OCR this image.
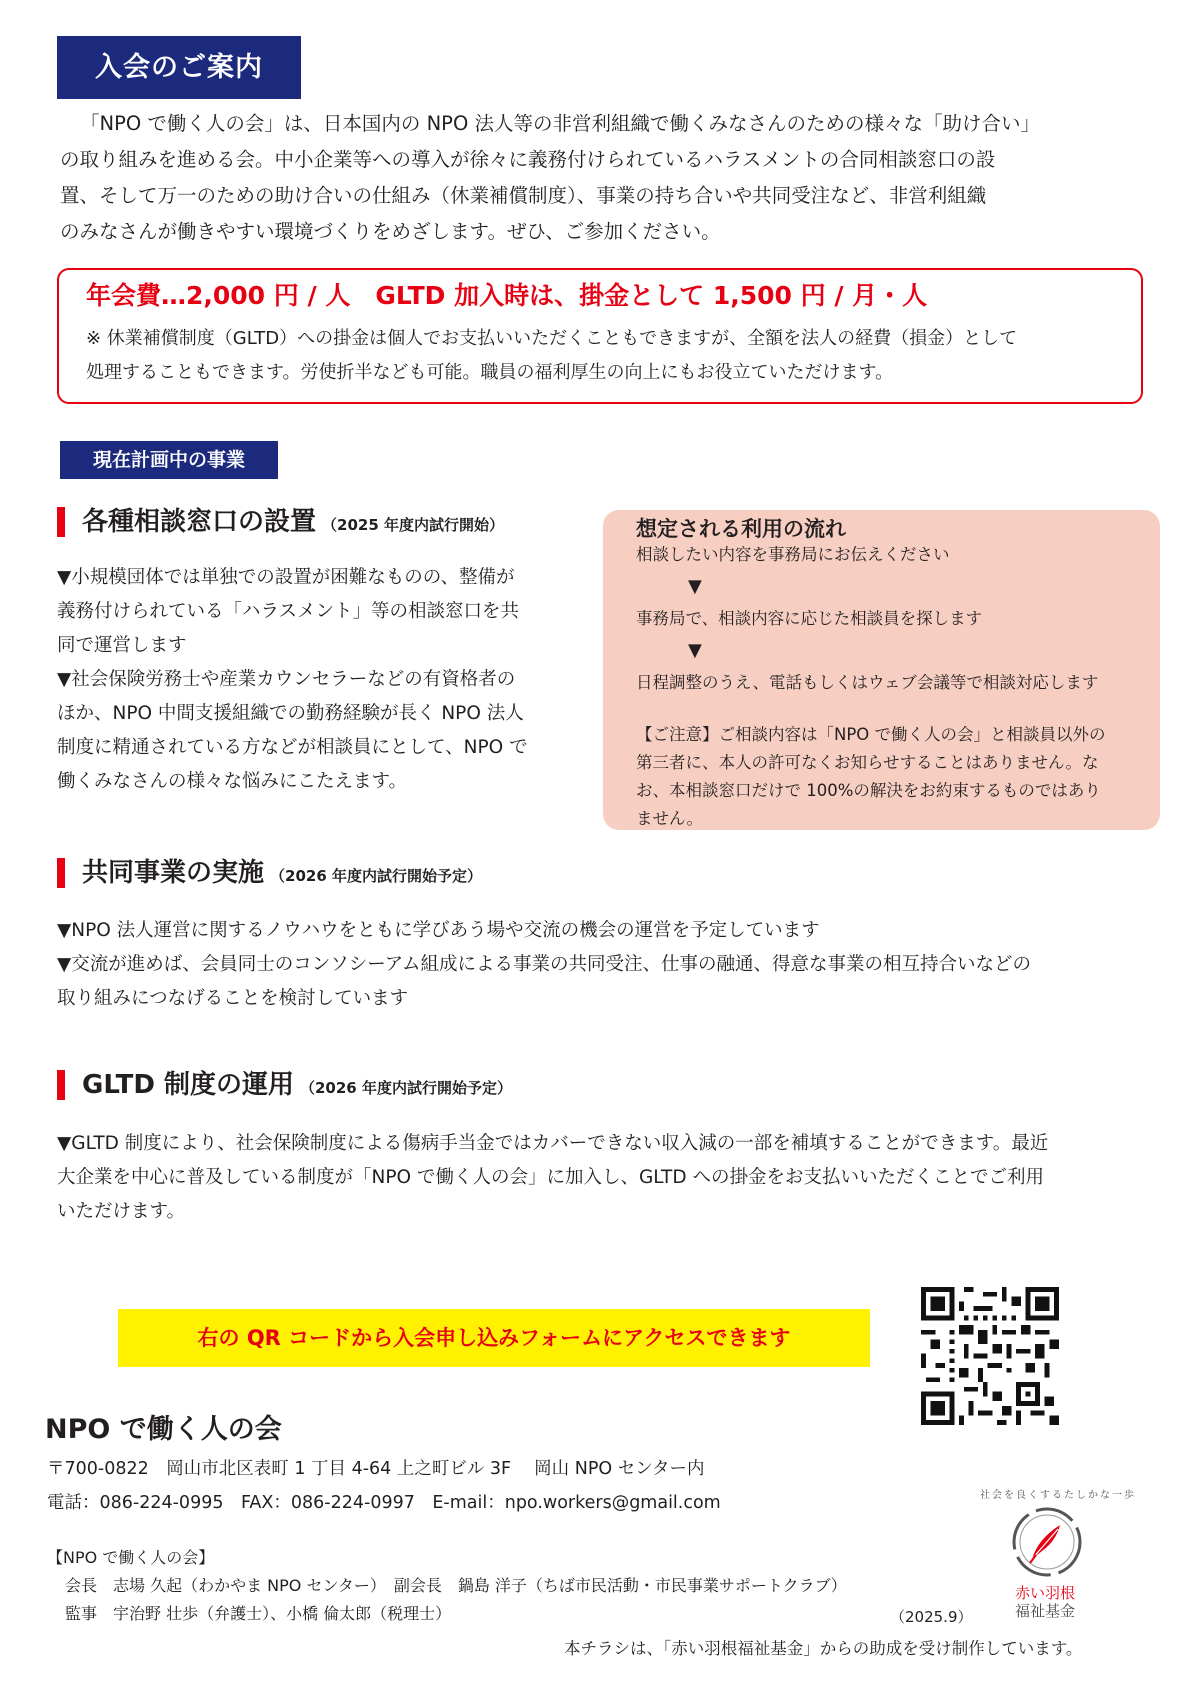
入会のご案内

「NPO で働く人の会」は、日本国内の NPO 法人等の非営利組織で働くみなさんのための様々な「助け合い」

の取り組みを進める会。中小企業等への導入が徐々に義務付けられているハラスメントの合同相談窓口の設

置、そして万一のための助け合いの仕組み（休業補償制度）、事業の持ち合いや共同受注など、非営利組織

のみなさんが働きやすい環境づくりをめざします。ぜひ、ご参加ください。

年会費…2,000 円 / 人　GLTD 加入時は、掛金として 1,500 円 / 月・人

※ 休業補償制度（GLTD）への掛金は個人でお支払いいただくこともできますが、全額を法人の経費（損金）として

処理することもできます。労使折半なども可能。職員の福利厚生の向上にもお役立ていただけます。

現在計画中の事業
各種相談窓口の設置 （2025 年度内試行開始）

▼小規模団体では単独での設置が困難なものの、整備が

義務付けられている「ハラスメント」等の相談窓口を共

同で運営します

▼社会保険労務士や産業カウンセラーなどの有資格者の

ほか、NPO 中間支援組織での勤務経験が長く NPO 法人

制度に精通されている方などが相談員にとして、NPO で

働くみなさんの様々な悩みにこたえます。

想定される利用の流れ
相談したい内容を事務局にお伝えください
▼
事務局で、相談内容に応じた相談員を探します
▼
日程調整のうえ、電話もしくはウェブ会議等で相談対応します

【ご注意】ご相談内容は「NPO で働く人の会」と相談員以外の

第三者に、本人の許可なくお知らせすることはありません。な

お、本相談窓口だけで 100%の解決をお約束するものではあり

ません。

共同事業の実施 （2026 年度内試行開始予定）

▼NPO 法人運営に関するノウハウをともに学びあう場や交流の機会の運営を予定しています

▼交流が進めば、会員同士のコンソシーアム組成による事業の共同受注、仕事の融通、得意な事業の相互持合いなどの

取り組みにつなげることを検討しています

GLTD 制度の運用 （2026 年度内試行開始予定）

▼GLTD 制度により、社会保険制度による傷病手当金ではカバーできない収入減の一部を補填することができます。最近

大企業を中心に普及している制度が「NPO で働く人の会」に加入し、GLTD への掛金をお支払いいただくことでご利用

いただけます。

右の QR コードから入会申し込みフォームにアクセスできます
NPO で働く人の会

〒700-0822　岡山市北区表町 1 丁目 4-64 上之町ビル 3F　 岡山 NPO センター内

電話：086-224-0995　FAX：086-224-0997　E-mail：npo.workers@gmail.com

【NPO で働く人の会】

会長　志場 久起（わかやま NPO センター）　副会長　鍋島 洋子（ちば市民活動・市民事業サポートクラブ）

監事　宇治野 壮歩（弁護士）、小橋 倫太郎（税理士）	（2025.9）
本チラシは、「赤い羽根福祉基金」からの助成を受け制作しています。
社会を良くするたしかな一歩
赤い羽根
福祉基金
